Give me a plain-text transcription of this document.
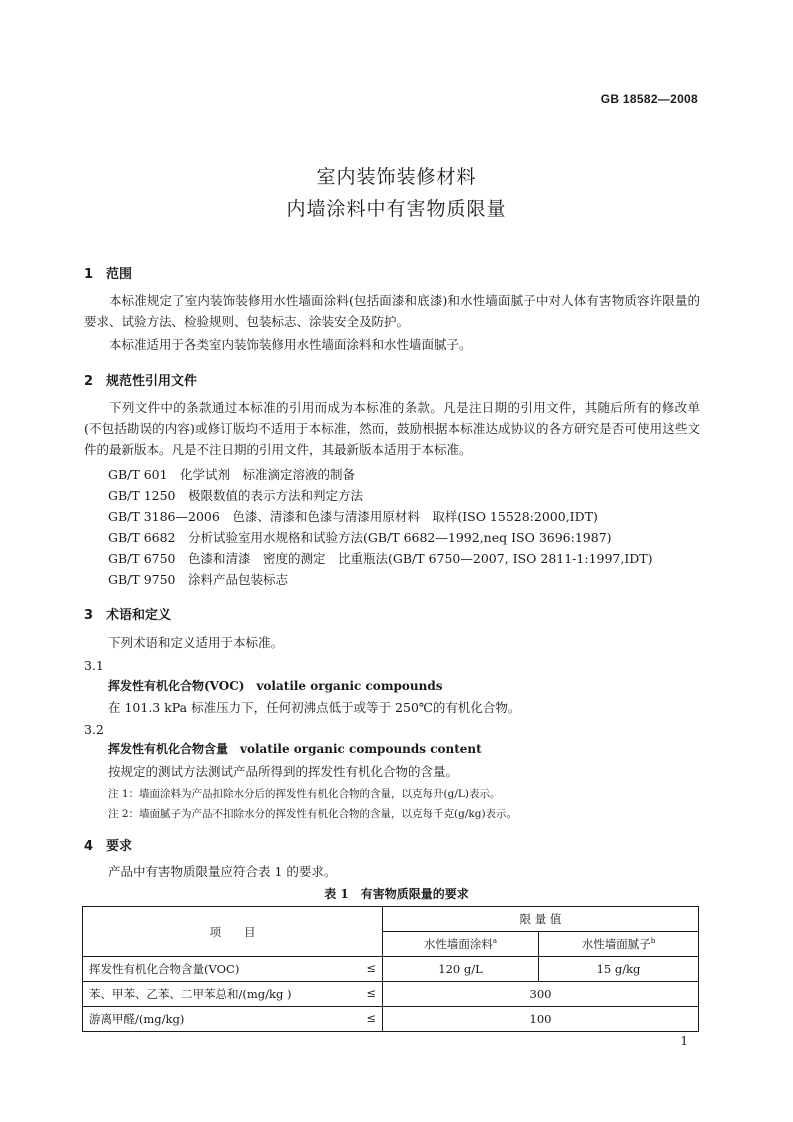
GB 18582—2008
室内装饰装修材料
内墙涂料中有害物质限量
1　范围
本标准规定了室内装饰装修用水性墙面涂料(包括面漆和底漆)和水性墙面腻子中对人体有害物质容许限量的要求、试验方法、检验规则、包装标志、涂装安全及防护。
本标准适用于各类室内装饰装修用水性墙面涂料和水性墙面腻子。
2　规范性引用文件
下列文件中的条款通过本标准的引用而成为本标准的条款。凡是注日期的引用文件，其随后所有的修改单(不包括勘误的内容)或修订版均不适用于本标准，然而，鼓励根据本标准达成协议的各方研究是否可使用这些文件的最新版本。凡是不注日期的引用文件，其最新版本适用于本标准。
GB/T 601　化学试剂　标准滴定溶液的制备
GB/T 1250　极限数值的表示方法和判定方法
GB/T 3186—2006　色漆、清漆和色漆与清漆用原材料　取样(ISO 15528:2000,IDT)
GB/T 6682　分析试验室用水规格和试验方法(GB/T 6682—1992,neq ISO 3696:1987)
GB/T 6750　色漆和清漆　密度的测定　比重瓶法(GB/T 6750—2007, ISO 2811-1:1997,IDT)
GB/T 9750　涂料产品包装标志
3　术语和定义
下列术语和定义适用于本标准。
3.1
挥发性有机化合物(VOC)　volatile organic compounds
在 101.3 kPa 标准压力下，任何初沸点低于或等于 250℃的有机化合物。
3.2
挥发性有机化合物含量　volatile organic compounds content
按规定的测试方法测试产品所得到的挥发性有机化合物的含量。
注 1：墙面涂料为产品扣除水分后的挥发性有机化合物的含量，以克每升(g/L)表示。
注 2：墙面腻子为产品不扣除水分的挥发性有机化合物的含量，以克每千克(g/kg)表示。
4　要求
产品中有害物质限量应符合表 1 的要求。
表 1　有害物质限量的要求
项　　目	限 量 值	
	水性墙面涂料$^a$	水性墙面腻子$^b$
挥发性有机化合物含量(VOC) ≤	120 g/L	15 g/kg
苯、甲苯、乙苯、二甲苯总和/(mg/kg ) ≤	300	
游离甲醛/(mg/kg) ≤	100	
1
